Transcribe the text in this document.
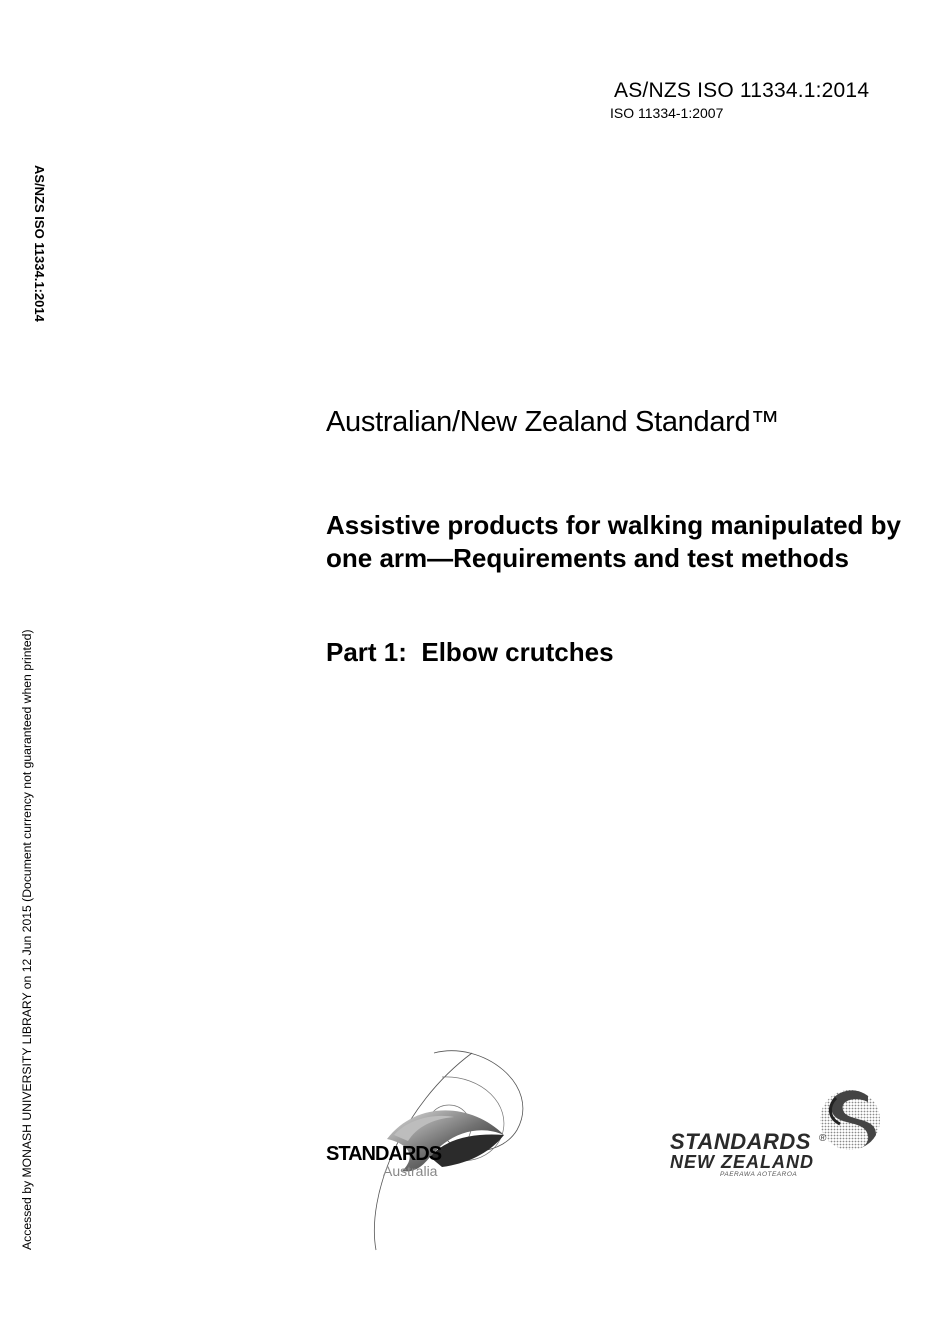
AS/NZS ISO 11334.1:2014
ISO 11334-1:2007
AS/NZS ISO 11334.1:2014
Accessed by MONASH UNIVERSITY LIBRARY on 12 Jun 2015 (Document currency not guaranteed when printed)
Australian/New Zealand Standard™
Assistive products for walking manipulated by one arm—Requirements and test methods
Part 1:  Elbow crutches
STANDARDS
Australia
STANDARDS ®
NEW ZEALAND
PAERAWA AOTEAROA
